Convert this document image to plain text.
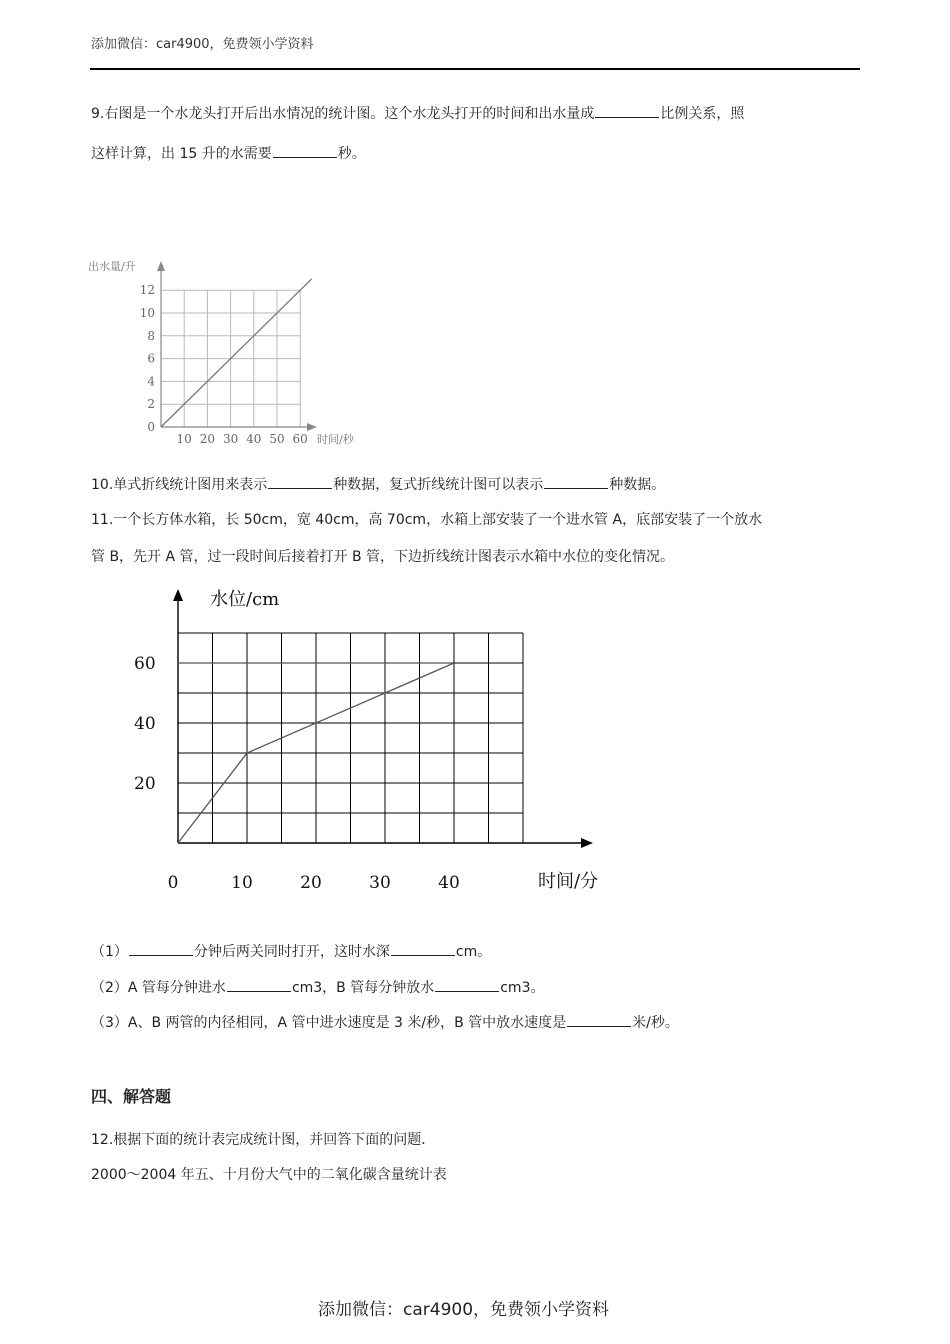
添加微信：car4900，免费领小学资料
9.右图是一个水龙头打开后出水情况的统计图。这个水龙头打开的时间和出水量成	比例关系，照
这样计算，出 15 升的水需要	秒。
0
2
4
6
8
10
12
10 20 30 40 50 60
出水量/升
时间/秒
10.单式折线统计图用来表示	种数据，复式折线统计图可以表示	种数据。
11.一个长方体水箱，长 50cm，宽 40cm，高 70cm，水箱上部安装了一个进水管 A，底部安装了一个放水
管 B，先开 A 管，过一段时间后接着打开 B 管，下边折线统计图表示水箱中水位的变化情况。
20
40
60
0	10	20	30	40
水位/cm
时间/分
（1）	分钟后两关同时打开，这时水深	cm。
（2）A 管每分钟进水	cm3，B 管每分钟放水	cm3。
（3）A、B 两管的内径相同，A 管中进水速度是 3 米/秒，B 管中放水速度是	米/秒。
四、解答题
12.根据下面的统计表完成统计图，并回答下面的问题．
2000～2004 年五、十月份大气中的二氧化碳含量统计表
添加微信：car4900，免费领小学资料
